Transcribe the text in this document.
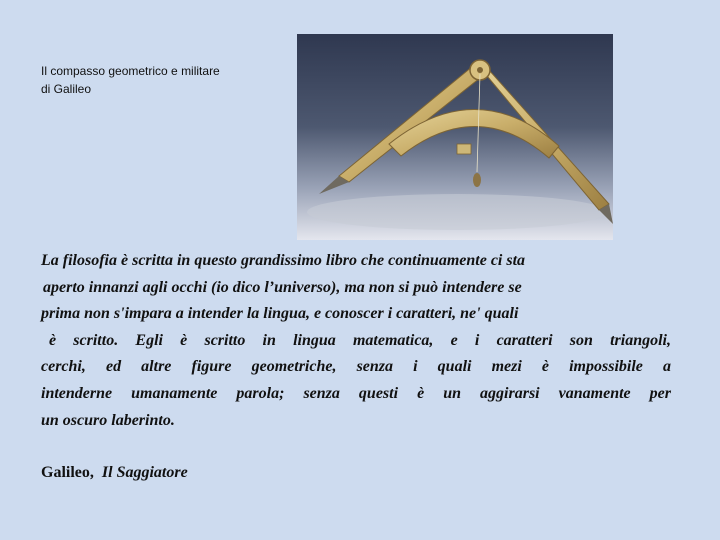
Il compasso geometrico e militare
di Galileo
La filosofia è scritta in questo grandissimo libro che continuamente ci sta
aperto innanzi agli occhi (io dico l’universo), ma non si può intendere se
prima non s'impara a intender la lingua, e conoscer i caratteri, ne' quali
è scritto. Egli è scritto in lingua matematica, e i caratteri son triangoli,
cerchi, ed altre figure geometriche, senza i quali mezi è impossibile a
intenderne umanamente parola; senza questi è un aggirarsi vanamente per
un oscuro laberinto.
Galileo, Il Saggiatore
